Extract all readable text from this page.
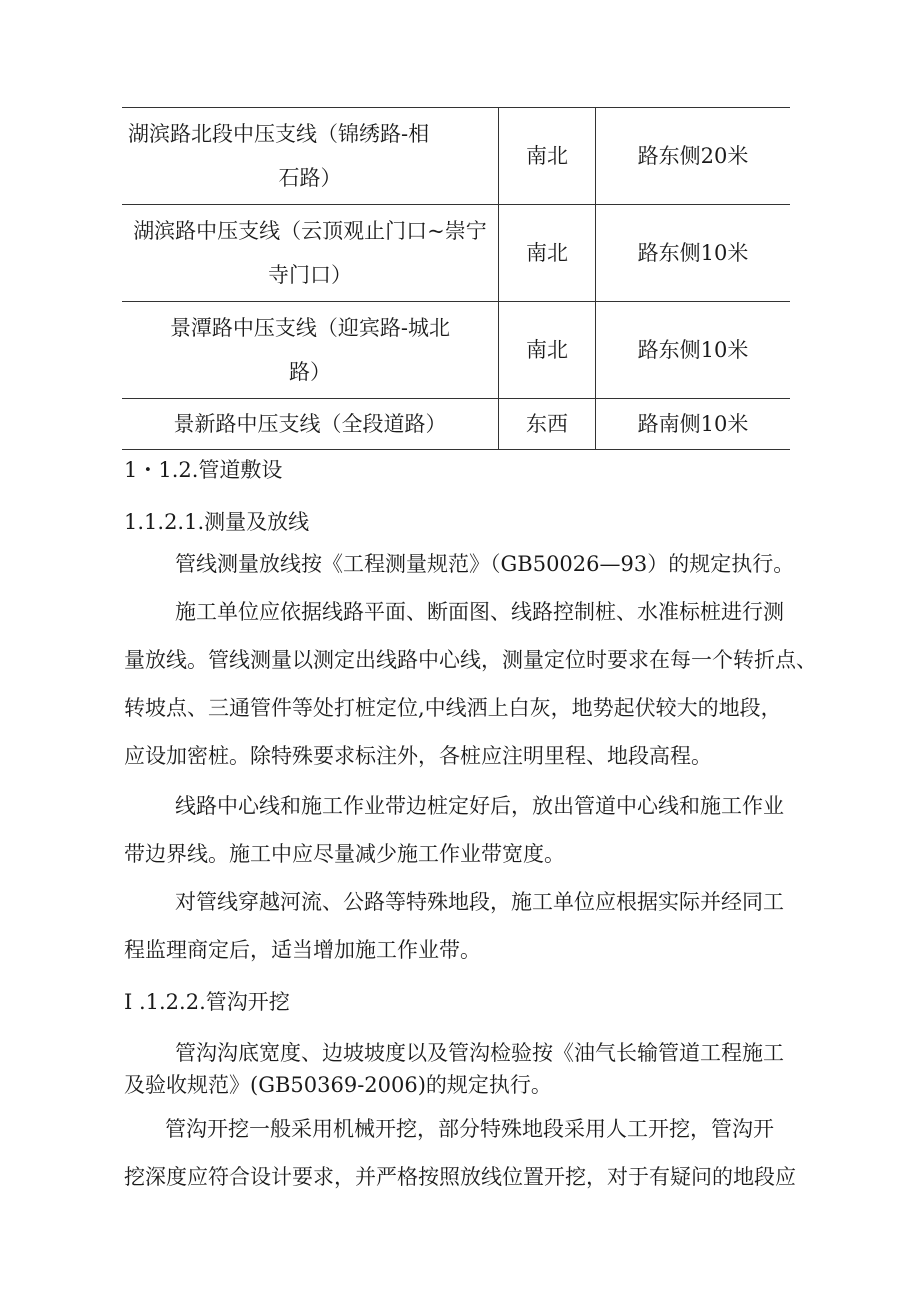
湖滨路北段中压支线（锦绣路-相
石路）	南北	路东侧20米

湖滨路中压支线（云顶观止门口~崇宁
寺门口）	南北	路东侧10米

景潭路中压支线（迎宾路-城北
路）	南北	路东侧10米

景新路中压支线（全段道路）	东西	路南侧10米
1・1.2.管道敷设
1.1.2.1.测量及放线
管线测量放线按《工程测量规范》（GB50026—93）的规定执行。
施工单位应依据线路平面、断面图、线路控制桩、水准标桩进行测
量放线。管线测量以测定出线路中心线，测量定位时要求在每一个转折点、
转坡点、三通管件等处打桩定位,中线洒上白灰，地势起伏较大的地段，
应设加密桩。除特殊要求标注外，各桩应注明里程、地段高程。
线路中心线和施工作业带边桩定好后，放出管道中心线和施工作业
带边界线。施工中应尽量减少施工作业带宽度。
对管线穿越河流、公路等特殊地段，施工单位应根据实际并经同工
程监理商定后，适当增加施工作业带。
I .1.2.2.管沟开挖
管沟沟底宽度、边坡坡度以及管沟检验按《油气长输管道工程施工
及验收规范》(GB50369-2006)的规定执行。
管沟开挖一般采用机械开挖，部分特殊地段采用人工开挖，管沟开
挖深度应符合设计要求，并严格按照放线位置开挖，对于有疑问的地段应
